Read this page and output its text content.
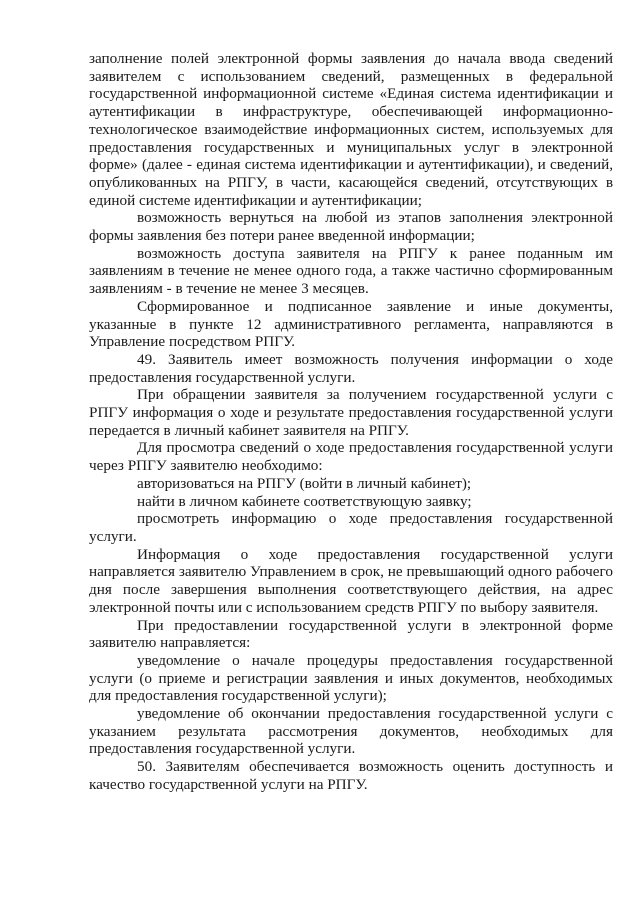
заполнение полей электронной формы заявления до начала ввода сведений заявителем с использованием сведений, размещенных в федеральной государственной информационной системе «Единая система идентификации и аутентификации в инфраструктуре, обеспечивающей информационно-технологическое взаимодействие информационных систем, используемых для предоставления государственных и муниципальных услуг в электронной форме» (далее - единая система идентификации и аутентификации), и сведений, опубликованных на РПГУ, в части, касающейся сведений, отсутствующих в единой системе идентификации и аутентификации;

возможность вернуться на любой из этапов заполнения электронной формы заявления без потери ранее введенной информации;

возможность доступа заявителя на РПГУ к ранее поданным им заявлениям в течение не менее одного года, а также частично сформированным заявлениям - в течение не менее 3 месяцев.

Сформированное и подписанное заявление и иные документы, указанные в пункте 12 административного регламента, направляются в Управление посредством РПГУ.

49. Заявитель имеет возможность получения информации о ходе предоставления государственной услуги.

При обращении заявителя за получением государственной услуги с РПГУ информация о ходе и результате предоставления государственной услуги передается в личный кабинет заявителя на РПГУ.

Для просмотра сведений о ходе предоставления государственной услуги через РПГУ заявителю необходимо:

авторизоваться на РПГУ (войти в личный кабинет);

найти в личном кабинете соответствующую заявку;

просмотреть информацию о ходе предоставления государственной услуги.

Информация о ходе предоставления государственной услуги направляется заявителю Управлением в срок, не превышающий одного рабочего дня после завершения выполнения соответствующего действия, на адрес электронной почты или с использованием средств РПГУ по выбору заявителя.

При предоставлении государственной услуги в электронной форме заявителю направляется:

уведомление о начале процедуры предоставления государственной услуги (о приеме и регистрации заявления и иных документов, необходимых для предоставления государственной услуги);

уведомление об окончании предоставления государственной услуги с указанием результата рассмотрения документов, необходимых для предоставления государственной услуги.

50. Заявителям обеспечивается возможность оценить доступность и качество государственной услуги на РПГУ.
